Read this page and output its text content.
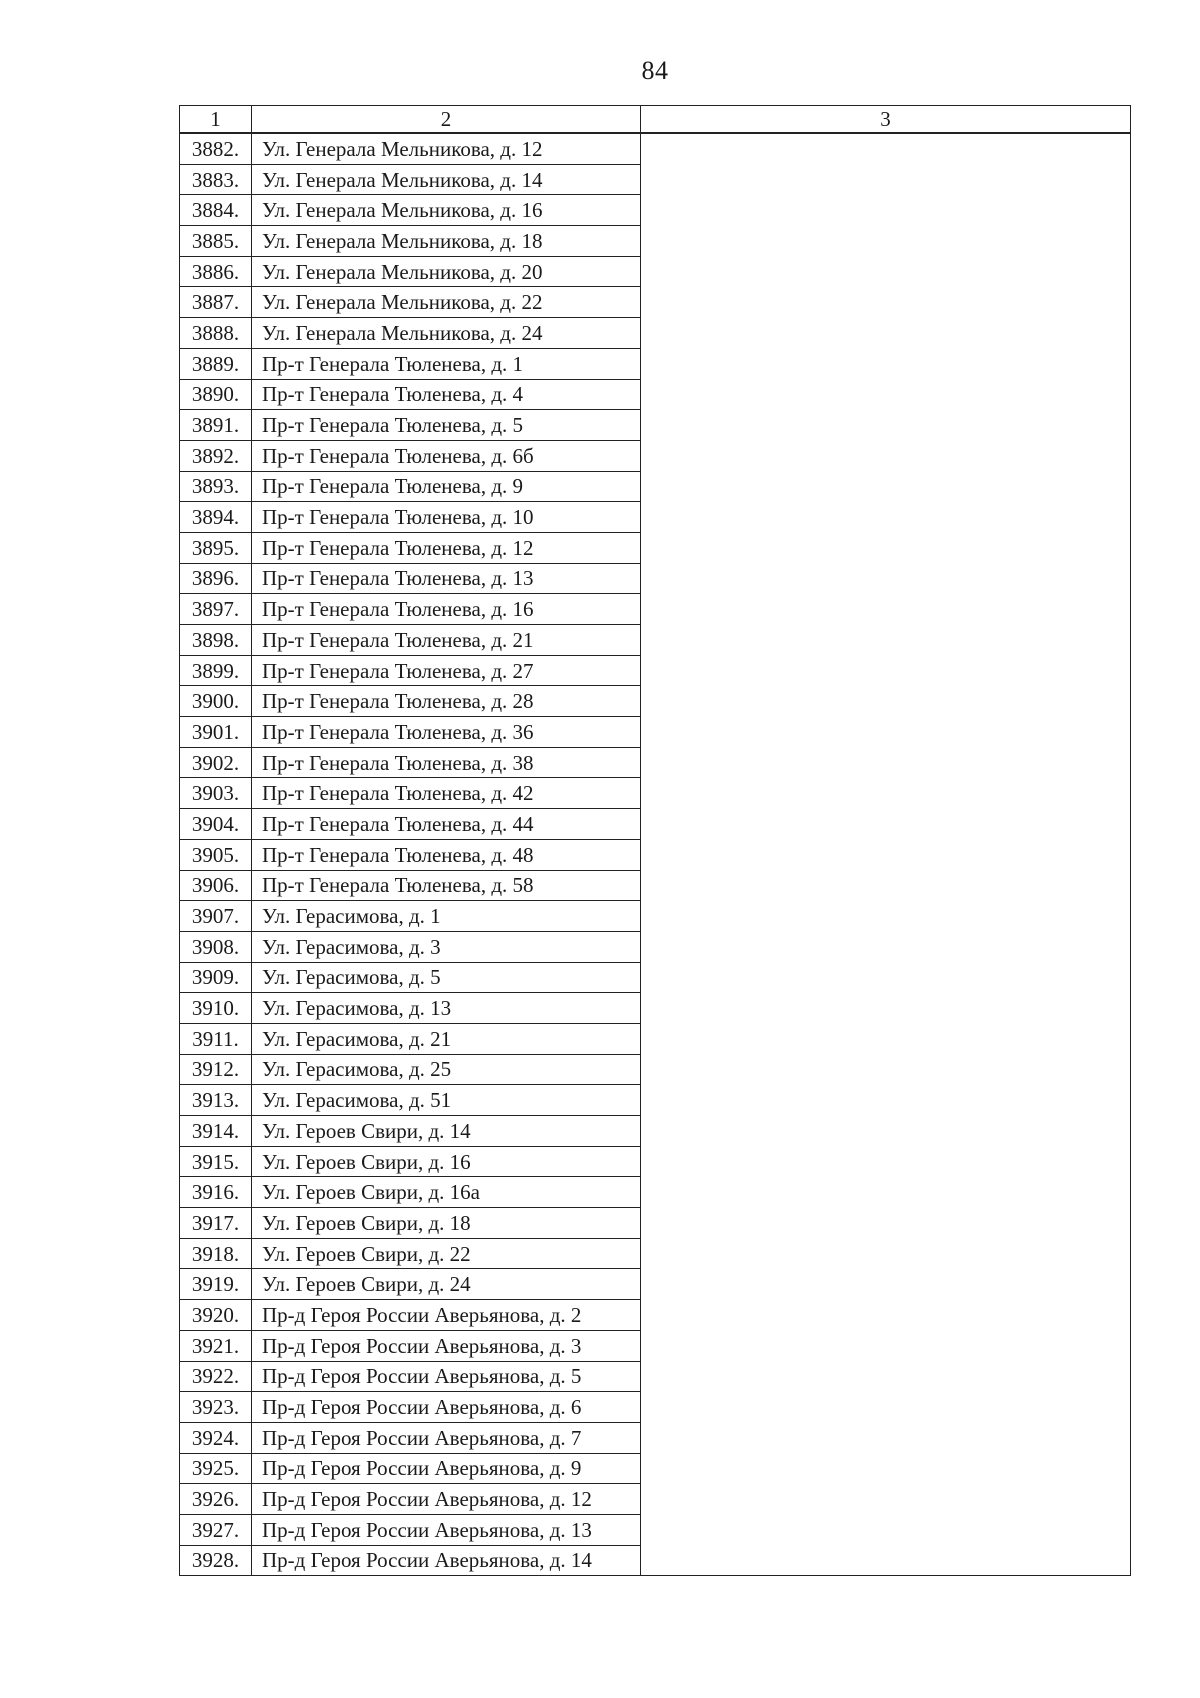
84
1	2	3
3882.	Ул. Генерала Мельникова, д. 12	
3883.	Ул. Генерала Мельникова, д. 14	
3884.	Ул. Генерала Мельникова, д. 16	
3885.	Ул. Генерала Мельникова, д. 18	
3886.	Ул. Генерала Мельникова, д. 20	
3887.	Ул. Генерала Мельникова, д. 22	
3888.	Ул. Генерала Мельникова, д. 24	
3889.	Пр-т Генерала Тюленева, д. 1	
3890.	Пр-т Генерала Тюленева, д. 4	
3891.	Пр-т Генерала Тюленева, д. 5	
3892.	Пр-т Генерала Тюленева, д. 6б	
3893.	Пр-т Генерала Тюленева, д. 9	
3894.	Пр-т Генерала Тюленева, д. 10	
3895.	Пр-т Генерала Тюленева, д. 12	
3896.	Пр-т Генерала Тюленева, д. 13	
3897.	Пр-т Генерала Тюленева, д. 16	
3898.	Пр-т Генерала Тюленева, д. 21	
3899.	Пр-т Генерала Тюленева, д. 27	
3900.	Пр-т Генерала Тюленева, д. 28	
3901.	Пр-т Генерала Тюленева, д. 36	
3902.	Пр-т Генерала Тюленева, д. 38	
3903.	Пр-т Генерала Тюленева, д. 42	
3904.	Пр-т Генерала Тюленева, д. 44	
3905.	Пр-т Генерала Тюленева, д. 48	
3906.	Пр-т Генерала Тюленева, д. 58	
3907.	Ул. Герасимова, д. 1	
3908.	Ул. Герасимова, д. 3	
3909.	Ул. Герасимова, д. 5	
3910.	Ул. Герасимова, д. 13	
3911.	Ул. Герасимова, д. 21	
3912.	Ул. Герасимова, д. 25	
3913.	Ул. Герасимова, д. 51	
3914.	Ул. Героев Свири, д. 14	
3915.	Ул. Героев Свири, д. 16	
3916.	Ул. Героев Свири, д. 16а	
3917.	Ул. Героев Свири, д. 18	
3918.	Ул. Героев Свири, д. 22	
3919.	Ул. Героев Свири, д. 24	
3920.	Пр-д Героя России Аверьянова, д. 2	
3921.	Пр-д Героя России Аверьянова, д. 3	
3922.	Пр-д Героя России Аверьянова, д. 5	
3923.	Пр-д Героя России Аверьянова, д. 6	
3924.	Пр-д Героя России Аверьянова, д. 7	
3925.	Пр-д Героя России Аверьянова, д. 9	
3926.	Пр-д Героя России Аверьянова, д. 12	
3927.	Пр-д Героя России Аверьянова, д. 13	
3928.	Пр-д Героя России Аверьянова, д. 14	
